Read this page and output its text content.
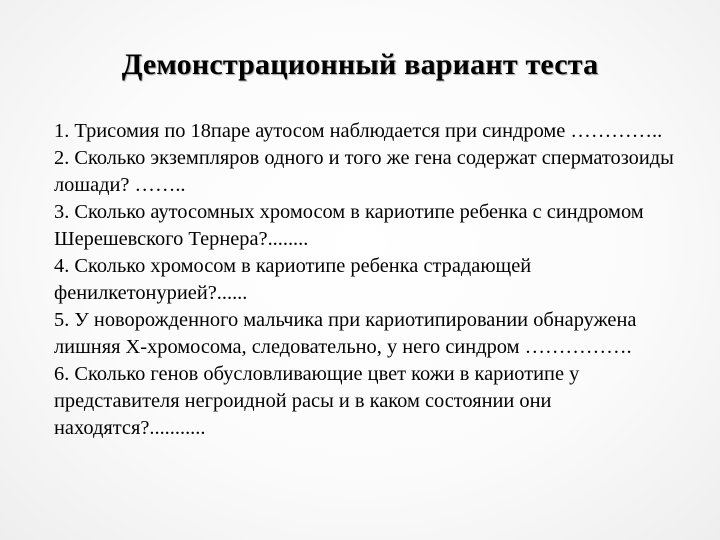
Демонстрационный вариант теста
1. Трисомия по 18паре аутосом наблюдается при синдроме …………..
2. Сколько экземпляров одного и того же гена содержат сперматозоиды лошади? ……..
3. Сколько аутосомных хромосом в кариотипе ребенка с синдромом Шерешевского Тернера?........
4. Сколько хромосом в кариотипе ребенка страдающей фенилкетонурией?......
5. У новорожденного мальчика при кариотипировании обнаружена лишняя Х-хромосома, следовательно, у него синдром …………….
6. Сколько генов обусловливающие цвет кожи в кариотипе у представителя негроидной расы и в каком состоянии они находятся?...........
